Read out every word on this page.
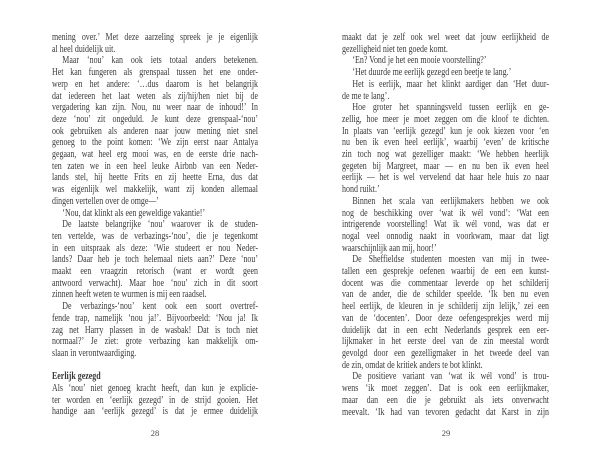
mening over.’ Met deze aarzeling spreek je je eigenlijk
al heel duidelijk uit.
Maar ‘nou’ kan ook iets totaal anders betekenen.
Het kan fungeren als grenspaal tussen het ene onder-
werp en het andere: ‘…dus daarom is het belangrijk
dat iedereen het laat weten als zij/hij/hen niet bij de
vergadering kan zijn. Nou, nu weer naar de inhoud!’ In
deze ‘nou’ zit ongeduld. Je kunt deze grenspaal-‘nou’
ook gebruiken als anderen naar jouw mening niet snel
genoeg to the point komen: ‘We zijn eerst naar Antalya
gegaan, wat heel erg mooi was, en de eerste drie nach-
ten zaten we in een heel leuke Airbnb van een Neder-
lands stel, hij heette Frits en zij heette Erna, dus dat
was eigenlijk wel makkelijk, want zij konden allemaal
dingen vertellen over de omge—’
‘Nou, dat klinkt als een geweldige vakantie!’
De laatste belangrijke ‘nou’ waarover ik de studen-
ten vertelde, was de verbazings-‘nou’, die je tegenkomt
in een uitspraak als deze: ‘Wie studeert er nou Neder-
lands? Daar heb je toch helemaal niets aan?’ Deze ‘nou’
maakt een vraagzin retorisch (want er wordt geen
antwoord verwacht). Maar hoe ‘nou’ zich in dit soort
zinnen heeft weten te wurmen is mij een raadsel.
De verbazings-‘nou’ kent ook een soort overtref-
fende trap, namelijk ‘nou ja!’. Bijvoorbeeld: ‘Nou ja! Ik
zag net Harry plassen in de wasbak! Dat is toch niet
normaal?’ Je ziet: grote verbazing kan makkelijk om-
slaan in verontwaardiging.
Eerlijk gezegd
Als ‘nou’ niet genoeg kracht heeft, dan kun je explicie-
ter worden en ‘eerlijk gezegd’ in de strijd gooien. Het
handige aan ‘eerlijk gezegd’ is dat je ermee duidelijk
maakt dat je zelf ook wel weet dat jouw eerlijkheid de
gezelligheid niet ten goede komt.
‘En? Vond je het een mooie voorstelling?’
‘Het duurde me eerlijk gezegd een beetje te lang.’
Het is eerlijk, maar het klinkt aardiger dan ‘Het duur-
de me te lang’.
Hoe groter het spanningsveld tussen eerlijk en ge-
zellig, hoe meer je moet zeggen om die kloof te dichten.
In plaats van ‘eerlijk gezegd’ kun je ook kiezen voor ‘en
nu ben ik even heel eerlijk’, waarbij ‘even’ de kritische
zin toch nog wat gezelliger maakt: ‘We hebben heerlijk
gegeten bij Margreet, maar — en nu ben ik even heel
eerlijk — het is wel vervelend dat haar hele huis zo naar
hond ruikt.’
Binnen het scala van eerlijkmakers hebben we ook
nog de beschikking over ‘wat ik wél vond’: ‘Wat een
intrigerende voorstelling! Wat ik wél vond, was dat er
nogal veel onnodig naakt in voorkwam, maar dat ligt
waarschijnlijk aan mij, hoor!’
De Sheffieldse studenten moesten van mij in twee-
tallen een gesprekje oefenen waarbij de een een kunst-
docent was die commentaar leverde op het schilderij
van de ander, die de schilder speelde. ‘Ik ben nu even
heel eerlijk, de kleuren in je schilderij zijn lelijk,’ zei een
van de ‘docenten’. Door deze oefengesprekjes werd mij
duidelijk dat in een echt Nederlands gesprek een eer-
lijkmaker in het eerste deel van de zin meestal wordt
gevolgd door een gezelligmaker in het tweede deel van
de zin, omdat de kritiek anders te bot klinkt.
De positieve variant van ‘wat ik wél vond’ is trou-
wens ‘ik moet zeggen’. Dat is ook een eerlijkmaker,
maar dan een die je gebruikt als iets onverwacht
meevalt. ‘Ik had van tevoren gedacht dat Karst in zijn
28	29
